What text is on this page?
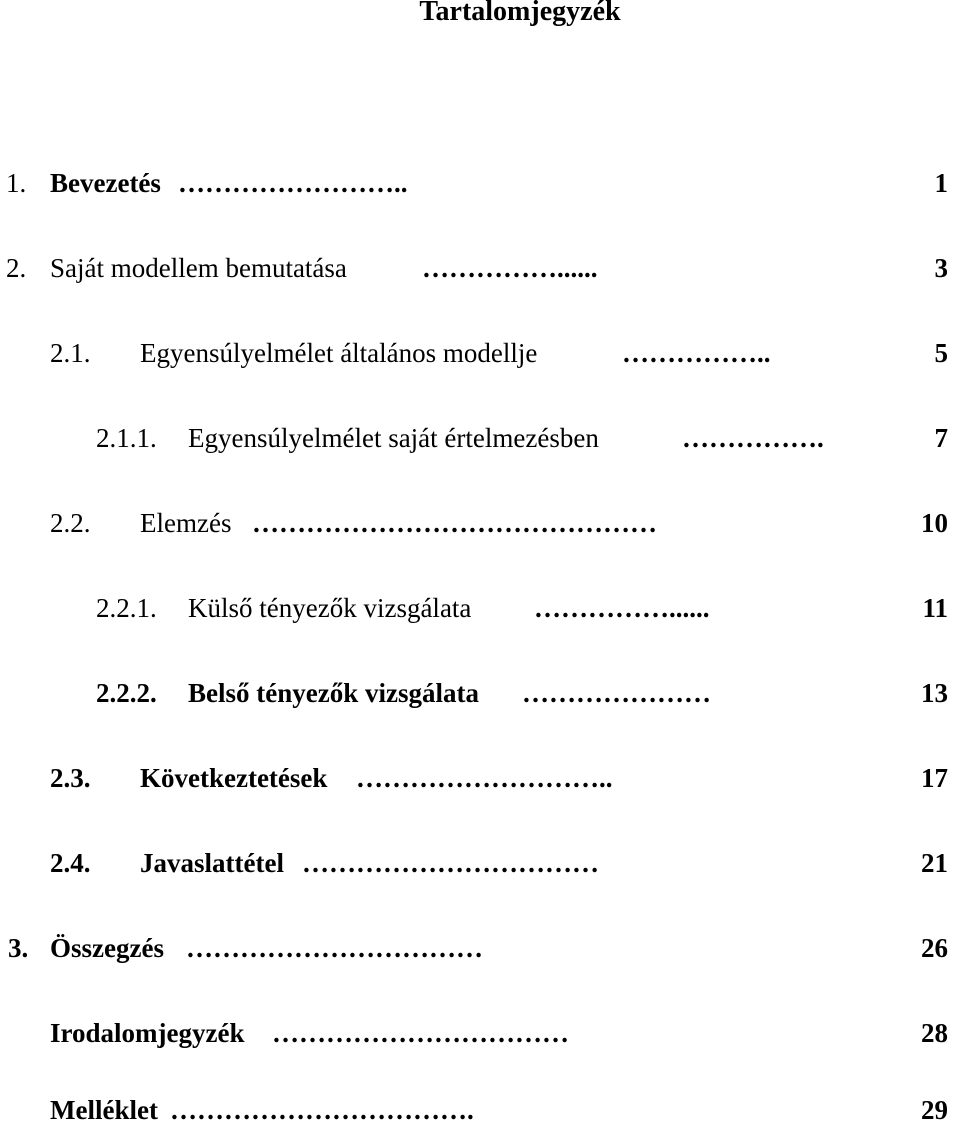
Tartalomjegyzék
1. Bevezetés ……………………..	1
2. Saját modellem bemutatása	……………......	3
2.1. Egyensúlyelmélet általános modellje	……………..	5
2.1.1. Egyensúlyelmélet saját értelmezésben	…………….	7
2.2. Elemzés ………………………………………	10
2.2.1. Külső tényezők vizsgálata ……………......	11
2.2.2. Belső tényezők vizsgálata …………………	13
2.3. Következtetések ………………………..	17
2.4. Javaslattétel ……………………………	21
3. Összegzés ……………………………	26
Irodalomjegyzék ……………………………	28
Melléklet …………………………….	29
